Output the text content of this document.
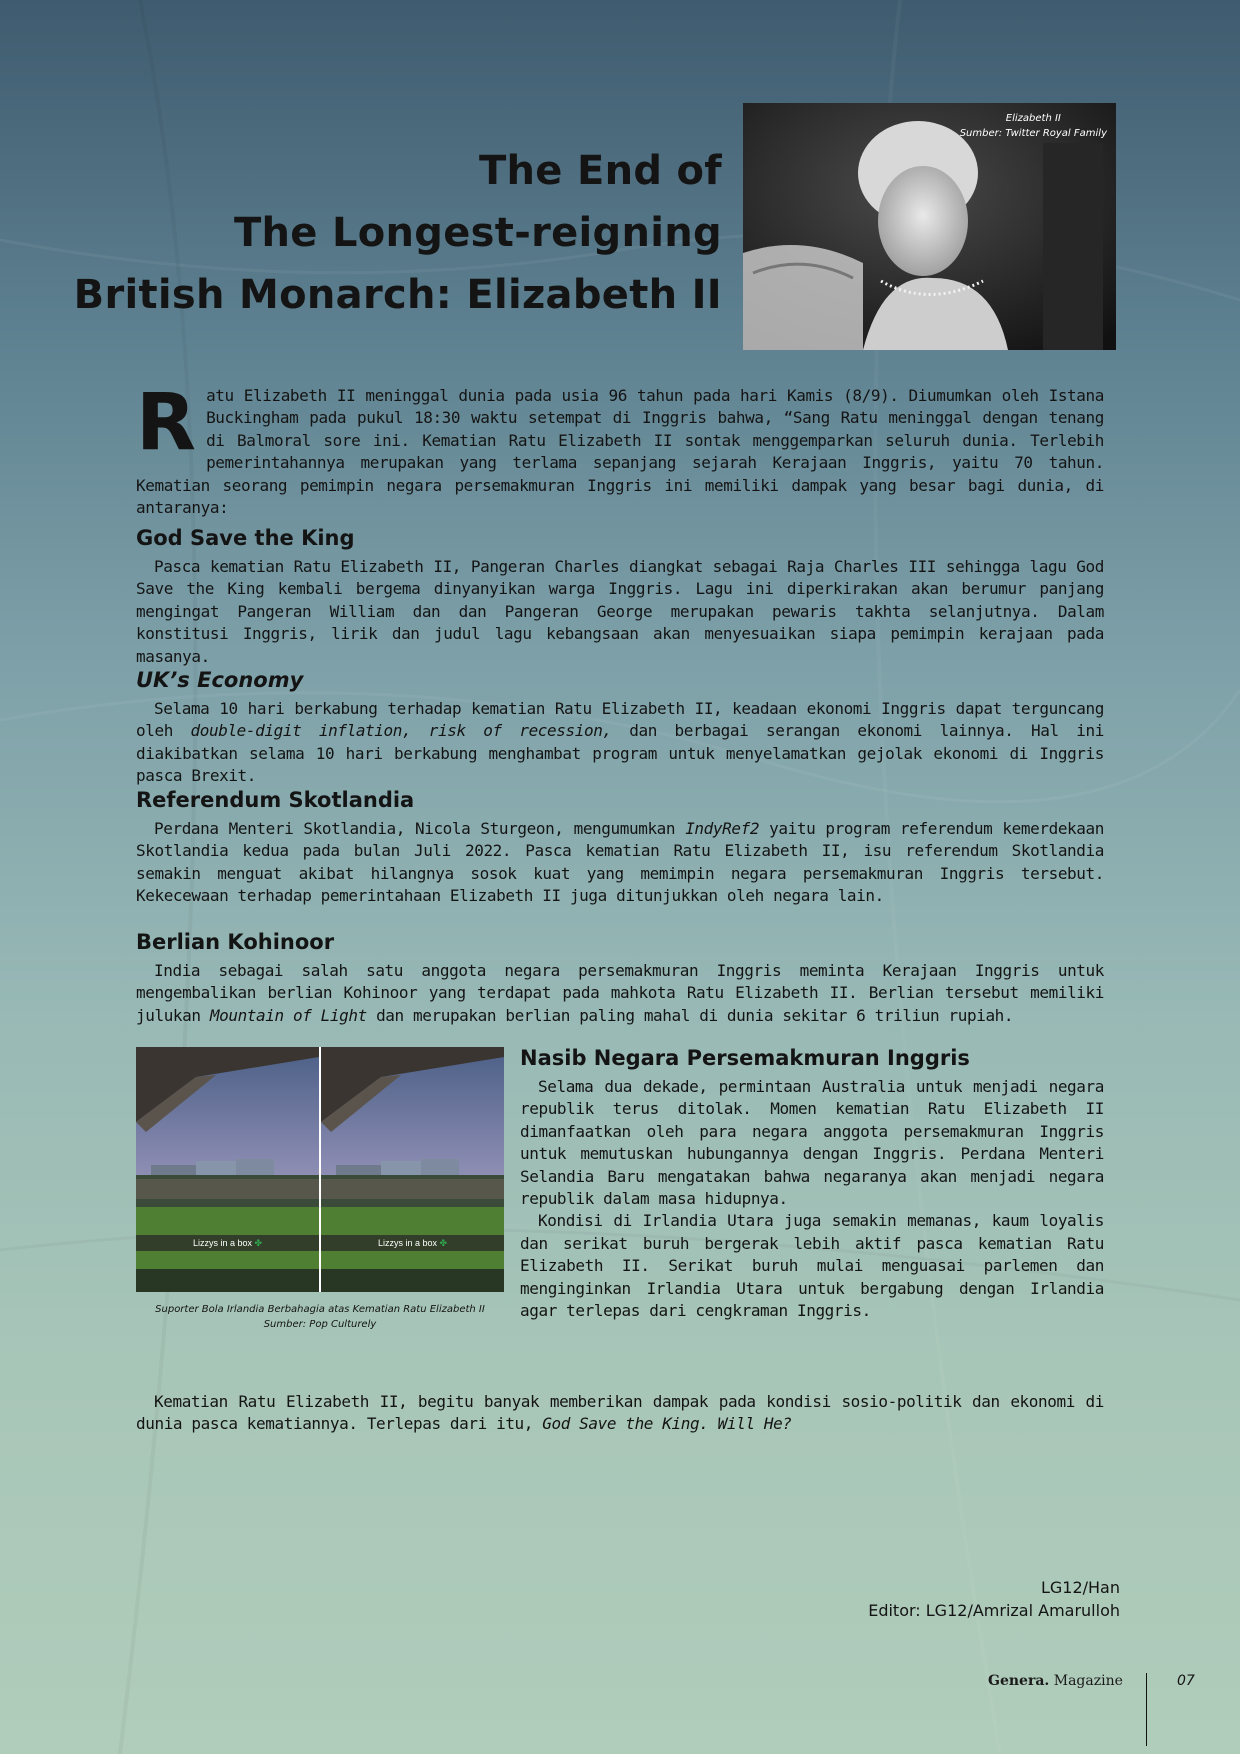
The End of
The Longest-reigning
British Monarch: Elizabeth II
Elizabeth II
Sumber: Twitter Royal Family
R atu Elizabeth II meninggal dunia pada usia 96 tahun pada hari Kamis (8/9). Diumumkan oleh Istana Buckingham pada pukul 18:30 waktu setempat di Inggris bahwa, “Sang Ratu meninggal dengan tenang di Balmoral sore ini. Kematian Ratu Elizabeth II sontak menggemparkan seluruh dunia. Terlebih pemerintahannya merupakan yang terlama sepanjang sejarah Kerajaan Inggris, yaitu 70 tahun. Kematian seorang pemimpin negara persemakmuran Inggris ini memiliki dampak yang besar bagi dunia, di antaranya:

God Save the King

Pasca kematian Ratu Elizabeth II, Pangeran Charles diangkat sebagai Raja Charles III sehingga lagu God Save the King kembali bergema dinyanyikan warga Inggris. Lagu ini diperkirakan akan berumur panjang mengingat Pangeran William dan dan Pangeran George merupakan pewaris takhta selanjutnya. Dalam konstitusi Inggris, lirik dan judul lagu kebangsaan akan menyesuaikan siapa pemimpin kerajaan pada masanya.

UK’s Economy

Selama 10 hari berkabung terhadap kematian Ratu Elizabeth II, keadaan ekonomi Inggris dapat terguncang oleh double-digit inflation, risk of recession, dan berbagai serangan ekonomi lainnya. Hal ini diakibatkan selama 10 hari berkabung menghambat program untuk menyelamatkan gejolak ekonomi di Inggris pasca Brexit.

Referendum Skotlandia

Perdana Menteri Skotlandia, Nicola Sturgeon, mengumumkan IndyRef2 yaitu program referendum kemerdekaan Skotlandia kedua pada bulan Juli 2022. Pasca kematian Ratu Elizabeth II, isu referendum Skotlandia semakin menguat akibat hilangnya sosok kuat yang memimpin negara persemakmuran Inggris tersebut. Kekecewaan terhadap pemerintahaan Elizabeth II juga ditunjukkan oleh negara lain.

Berlian Kohinoor

India sebagai salah satu anggota negara persemakmuran Inggris meminta Kerajaan Inggris untuk mengembalikan berlian Kohinoor yang terdapat pada mahkota Ratu Elizabeth II. Berlian tersebut memiliki julukan Mountain of Light dan merupakan berlian paling mahal di dunia sekitar 6 triliun rupiah.

Lizzys in a box ✤	Lizzys in a box ✤
Suporter Bola Irlandia Berbahagia atas Kematian Ratu Elizabeth II
Sumber: Pop Culturely
Nasib Negara Persemakmuran Inggris

Selama dua dekade, permintaan Australia untuk menjadi negara republik terus ditolak. Momen kematian Ratu Elizabeth II dimanfaatkan oleh para negara anggota persemakmuran Inggris untuk memutuskan hubungannya dengan Inggris. Perdana Menteri Selandia Baru mengatakan bahwa negaranya akan menjadi negara republik dalam masa hidupnya.

Kondisi di Irlandia Utara juga semakin memanas, kaum loyalis dan serikat buruh bergerak lebih aktif pasca kematian Ratu Elizabeth II. Serikat buruh mulai menguasai parlemen dan menginginkan Irlandia Utara untuk bergabung dengan Irlandia agar terlepas dari cengkraman Inggris.

Kematian Ratu Elizabeth II, begitu banyak memberikan dampak pada kondisi sosio-politik dan ekonomi di dunia pasca kematiannya. Terlepas dari itu, God Save the King. Will He?

LG12/Han
Editor: LG12/Amrizal Amarulloh
Genera. Magazine	07
